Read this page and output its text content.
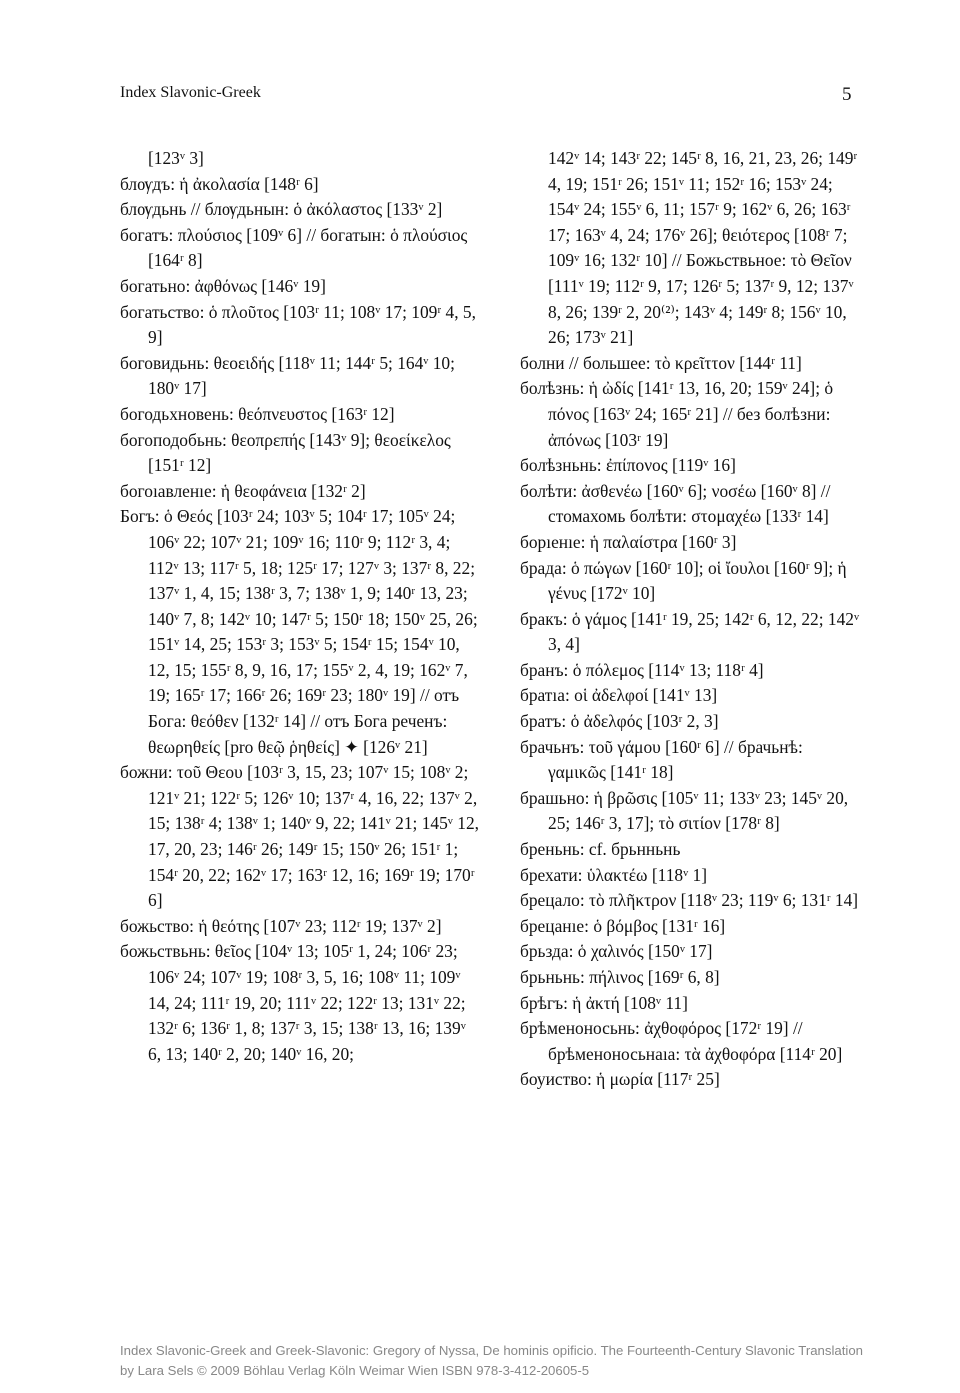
Index Slavonic-Greek	5

[123ᵛ 3]

блѹдъ: ἡ ἀκολασία [148ʳ 6]

блѹдьнь // блѹдьнын: ὁ ἀκόλαστος [133ᵛ 2]

богатъ: πλούσιος [109ᵛ 6] // богатын: ὁ πλούσιος [164ʳ 8]

богатьно: ἀφθόνως [146ᵛ 19]

богатьство: ὁ πλοῦτος [103ʳ 11; 108ᵛ 17; 109ʳ 4, 5, 9]

боговидьнь: θεοειδής [118ᵛ 11; 144ʳ 5; 164ᵛ 10; 180ᵛ 17]

богодьхновень: θεόπνευστος [163ʳ 12]

богоподобьнь: θεοπρεπής [143ᵛ 9]; θεοείκελος [151ʳ 12]

богоıавленıе: ἡ θεοφάνεια [132ʳ 2]

Богъ: ὁ Θεός [103ʳ 24; 103ᵛ 5; 104ʳ 17; 105ᵛ 24; 106ᵛ 22; 107ᵛ 21; 109ᵛ 16; 110ʳ 9; 112ʳ 3, 4; 112ᵛ 13; 117ʳ 5, 18; 125ʳ 17; 127ᵛ 3; 137ʳ 8, 22; 137ᵛ 1, 4, 15; 138ʳ 3, 7; 138ᵛ 1, 9; 140ʳ 13, 23; 140ᵛ 7, 8; 142ᵛ 10; 147ʳ 5; 150ʳ 18; 150ᵛ 25, 26; 151ᵛ 14, 25; 153ʳ 3; 153ᵛ 5; 154ʳ 15; 154ᵛ 10, 12, 15; 155ʳ 8, 9, 16, 17; 155ᵛ 2, 4, 19; 162ᵛ 7, 19; 165ʳ 17; 166ʳ 26; 169ʳ 23; 180ᵛ 19] // отъ Бога: θεόθεν [132ʳ 14] // отъ Бога реченъ: θεωρηθείς [pro θεῷ ῥηθείς] ✦ [126ᵛ 21]

божни: τοῦ Θεου [103ʳ 3, 15, 23; 107ᵛ 15; 108ᵛ 2; 121ᵛ 21; 122ʳ 5; 126ᵛ 10; 137ʳ 4, 16, 22; 137ᵛ 2, 15; 138ʳ 4; 138ᵛ 1; 140ᵛ 9, 22; 141ᵛ 21; 145ᵛ 12, 17, 20, 23; 146ʳ 26; 149ʳ 15; 150ᵛ 26; 151ʳ 1; 154ʳ 20, 22; 162ᵛ 17; 163ʳ 12, 16; 169ʳ 19; 170ʳ 6]

божьство: ἡ θεότης [107ᵛ 23; 112ʳ 19; 137ᵛ 2]

божьствьнь: θεῖος [104ᵛ 13; 105ʳ 1, 24; 106ʳ 23; 106ᵛ 24; 107ᵛ 19; 108ʳ 3, 5, 16; 108ᵛ 11; 109ᵛ 14, 24; 111ʳ 19, 20; 111ᵛ 22; 122ʳ 13; 131ᵛ 22; 132ʳ 6; 136ʳ 1, 8; 137ʳ 3, 15; 138ʳ 13, 16; 139ᵛ 6, 13; 140ʳ 2, 20; 140ᵛ 16, 20;

142ᵛ 14; 143ʳ 22; 145ʳ 8, 16, 21, 23, 26; 149ʳ 4, 19; 151ʳ 26; 151ᵛ 11; 152ʳ 16; 153ᵛ 24; 154ᵛ 24; 155ᵛ 6, 11; 157ʳ 9; 162ᵛ 6, 26; 163ʳ 17; 163ᵛ 4, 24; 176ᵛ 26]; θειότερος [108ʳ 7; 109ᵛ 16; 132ʳ 10] // Божьствьное: τὸ Θεῖον [111ᵛ 19; 112ʳ 9, 17; 126ʳ 5; 137ʳ 9, 12; 137ᵛ 8, 26; 139ʳ 2, 20⁽²⁾; 143ᵛ 4; 149ʳ 8; 156ᵛ 10, 26; 173ᵛ 21]

болни // большее: τὸ κρεῖττον [144ʳ 11]

болѣзнь: ἡ ὠδίς [141ʳ 13, 16, 20; 159ᵛ 24]; ὁ πόνος [163ᵛ 24; 165ʳ 21] // без болѣзни: ἀπόνως [103ʳ 19]

болѣзньнь: ἐπίπονος [119ᵛ 16]

болѣти: ἀσθενέω [160ᵛ 6]; νοσέω [160ᵛ 8] // стомахомь болѣти: στομαχέω [133ʳ 14]

борıенıе: ἡ παλαίστρα [160ʳ 3]

брада: ὁ πώγων [160ʳ 10]; οἱ ἴουλοι [160ʳ 9]; ἡ γένυς [172ᵛ 10]

бракъ: ὁ γάμος [141ʳ 19, 25; 142ʳ 6, 12, 22; 142ᵛ 3, 4]

бранъ: ὁ πόλεμος [114ᵛ 13; 118ʳ 4]

братıа: οἱ ἀδελφοί [141ᵛ 13]

братъ: ὁ ἀδελφός [103ʳ 2, 3]

брачьнъ: τοῦ γάμου [160ʳ 6] // брачьнѣ: γαμικῶς [141ʳ 18]

брашьно: ἡ βρῶσις [105ᵛ 11; 133ᵛ 23; 145ᵛ 20, 25; 146ʳ 3, 17]; τὸ σιτίον [178ʳ 8]

бреньнь: cf. брьнньнь

брехати: ὑλακτέω [118ᵛ 1]

брецало: τὸ πλῆκτρον [118ᵛ 23; 119ᵛ 6; 131ʳ 14]

брецанıе: ὁ βόμβος [131ʳ 16]

брьзда: ὁ χαλινός [150ᵛ 17]

брьньнь: πήλινος [169ʳ 6, 8]

брѣгъ: ἡ ἀκτή [108ᵛ 11]

брѣменоносьнь: ἀχθοφόρος [172ʳ 19] // брѣменоносьнаıа: τὰ ἀχθοφόρα [114ʳ 20]

боуиство: ἡ μωρία [117ʳ 25]

Index Slavonic-Greek and Greek-Slavonic: Gregory of Nyssa, De hominis opificio. The Fourteenth-Century Slavonic Translation
by Lara Sels © 2009 Böhlau Verlag Köln Weimar Wien ISBN 978-3-412-20605-5
